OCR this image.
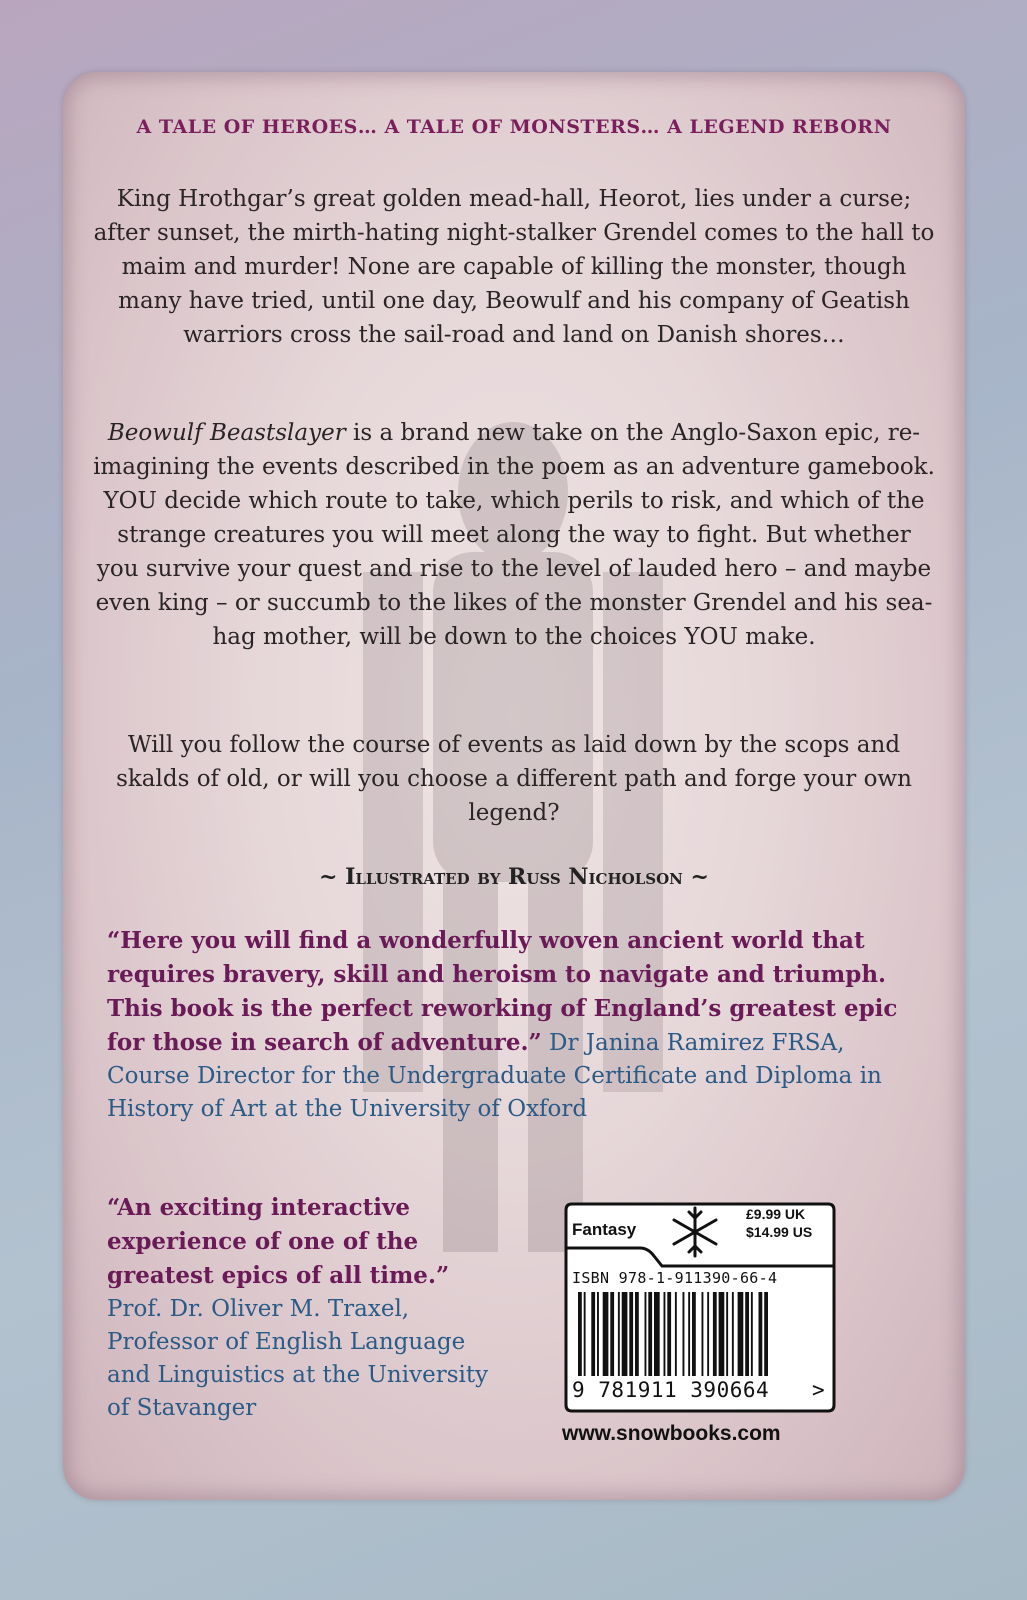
A TALE OF HEROES… A TALE OF MONSTERS… A LEGEND REBORN

King Hrothgar’s great golden mead-hall, Heorot, lies under a curse; after sunset, the mirth-hating night-stalker Grendel comes to the hall to maim and murder! None are capable of killing the monster, though many have tried, until one day, Beowulf and his company of Geatish warriors cross the sail-road and land on Danish shores…

Beowulf Beastslayer is a brand new take on the Anglo-Saxon epic, re-imagining the events described in the poem as an adventure gamebook. YOU decide which route to take, which perils to risk, and which of the strange creatures you will meet along the way to fight. But whether you survive your quest and rise to the level of lauded hero – and maybe even king – or succumb to the likes of the monster Grendel and his sea-hag mother, will be down to the choices YOU make.

Will you follow the course of events as laid down by the scops and skalds of old, or will you choose a different path and forge your own legend?

~ Illustrated by Russ Nicholson ~

“Here you will find a wonderfully woven ancient world that requires bravery, skill and heroism to navigate and triumph. This book is the perfect reworking of England’s greatest epic for those in search of adventure.” Dr Janina Ramirez FRSA, Course Director for the Undergraduate Certificate and Diploma in History of Art at the University of Oxford

“An exciting interactive experience of one of the greatest epics of all time.”
Prof. Dr. Oliver M. Traxel, Professor of English Language and Linguistics at the University of Stavanger

Fantasy
£9.99 UK
$14.99 US
ISBN 978-1-911390-66-4
9 781911 390664 >
www.snowbooks.com
